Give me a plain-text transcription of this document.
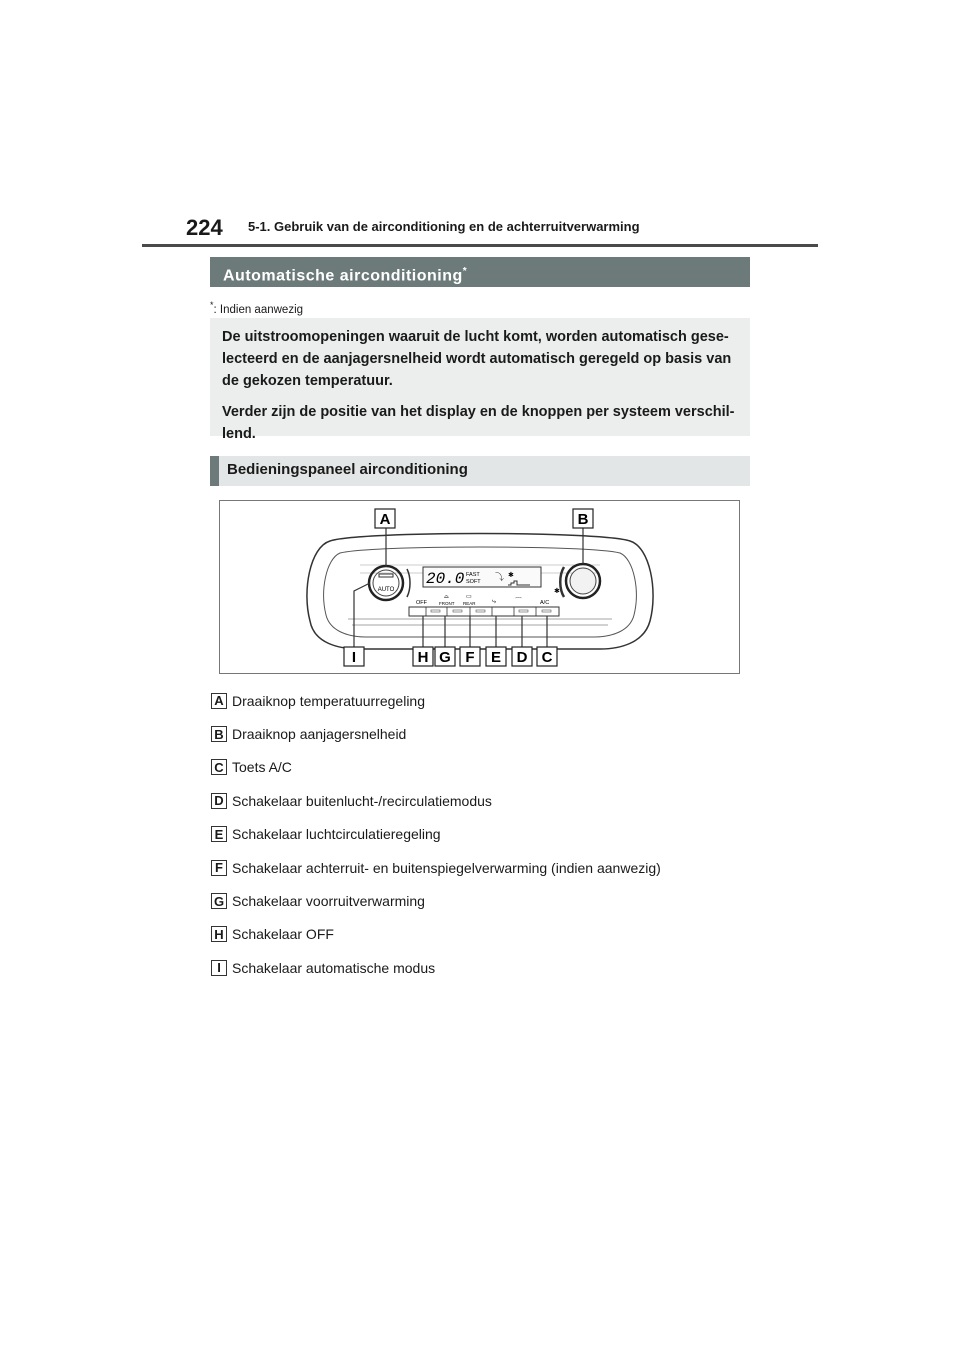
224 5-1. Gebruik van de airconditioning en de achterruitverwarming
Automatische airconditioning*
*: Indien aanwezig

De uitstroomopeningen waaruit de lucht komt, worden automatisch gese-lecteerd en de aanjagersnelheid wordt automatisch geregeld op basis van de gekozen temperatuur.

Verder zijn de positie van het display en de knoppen per systeem verschil-lend.

Bedieningspaneel airconditioning
AUTO	✱
20.0 FAST
SOFT ⤵ ✱
OFF	FRONT REAR
⌓	▭
⤷	⌒	A/C
A	B
I	H G F E D C
A Draaiknop temperatuurregeling
B Draaiknop aanjagersnelheid
C Toets A/C
D Schakelaar buitenlucht-/recirculatiemodus
E Schakelaar luchtcirculatieregeling
F Schakelaar achterruit- en buitenspiegelverwarming (indien aanwezig)
G Schakelaar voorruitverwarming
H Schakelaar OFF
I Schakelaar automatische modus
